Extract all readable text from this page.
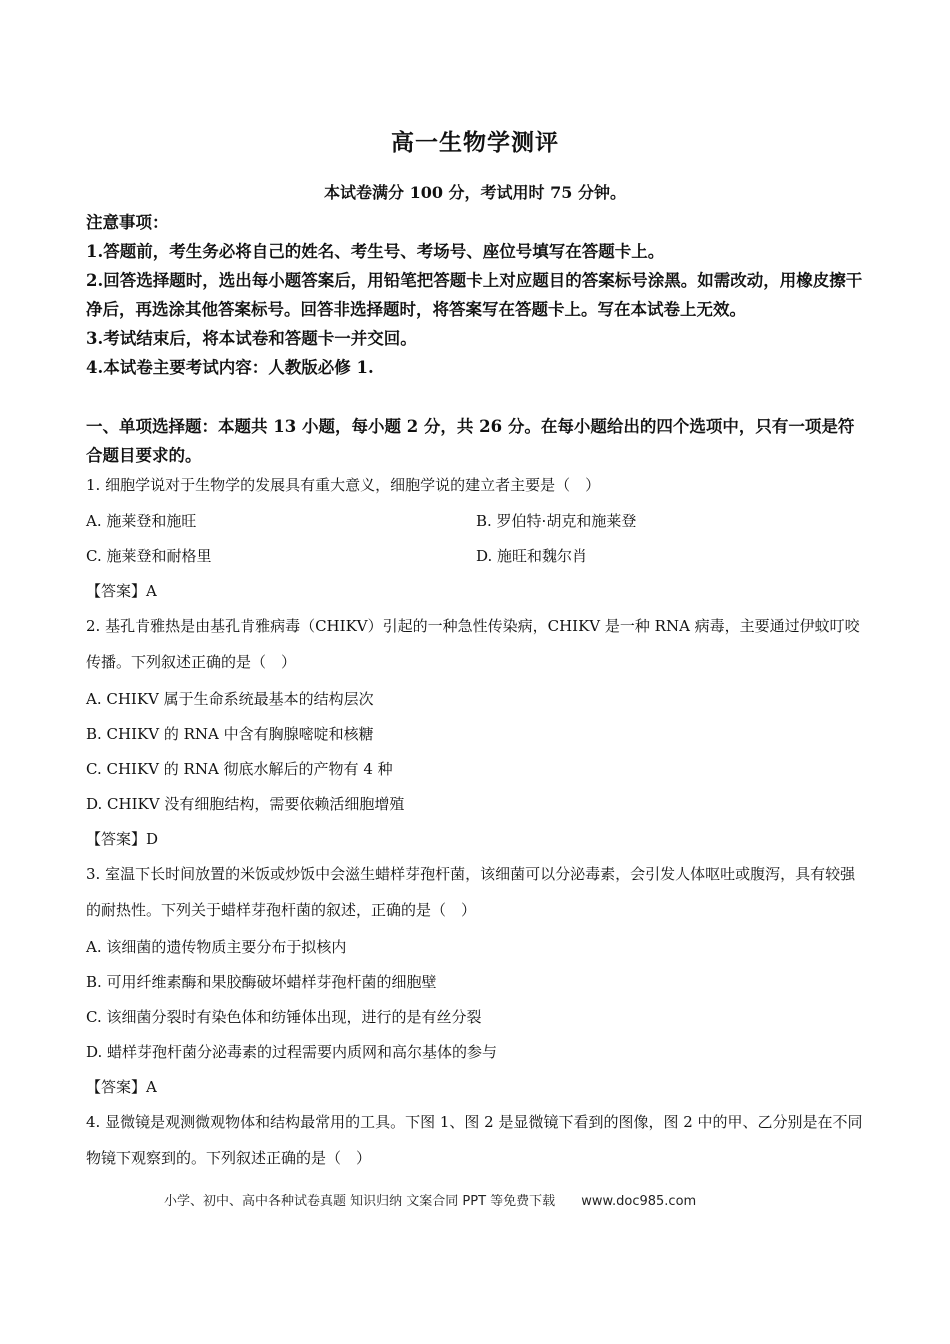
高一生物学测评
本试卷满分 100 分，考试用时 75 分钟。
注意事项：
1.答题前，考生务必将自己的姓名、考生号、考场号、座位号填写在答题卡上。
2.回答选择题时，选出每小题答案后，用铅笔把答题卡上对应题目的答案标号涂黑。如需改动，用橡皮擦干净后，再选涂其他答案标号。回答非选择题时，将答案写在答题卡上。写在本试卷上无效。
3.考试结束后，将本试卷和答题卡一并交回。
4.本试卷主要考试内容：人教版必修 1.
一、单项选择题：本题共 13 小题，每小题 2 分，共 26 分。在每小题给出的四个选项中，只有一项是符合题目要求的。
1. 细胞学说对于生物学的发展具有重大意义，细胞学说的建立者主要是（　）
A. 施莱登和施旺	B. 罗伯特·胡克和施莱登
C. 施莱登和耐格里	D. 施旺和魏尔肖
【答案】A
2. 基孔肯雅热是由基孔肯雅病毒（CHIKV）引起的一种急性传染病，CHIKV 是一种 RNA 病毒，主要通过伊蚊叮咬传播。下列叙述正确的是（　）
A. CHIKV 属于生命系统最基本的结构层次
B. CHIKV 的 RNA 中含有胸腺嘧啶和核糖
C. CHIKV 的 RNA 彻底水解后的产物有 4 种
D. CHIKV 没有细胞结构，需要依赖活细胞增殖
【答案】D
3. 室温下长时间放置的米饭或炒饭中会滋生蜡样芽孢杆菌，该细菌可以分泌毒素，会引发人体呕吐或腹泻，具有较强的耐热性。下列关于蜡样芽孢杆菌的叙述，正确的是（　）
A. 该细菌的遗传物质主要分布于拟核内
B. 可用纤维素酶和果胶酶破坏蜡样芽孢杆菌的细胞壁
C. 该细菌分裂时有染色体和纺锤体出现，进行的是有丝分裂
D. 蜡样芽孢杆菌分泌毒素的过程需要内质网和高尔基体的参与
【答案】A
4. 显微镜是观测微观物体和结构最常用的工具。下图 1、图 2 是显微镜下看到的图像，图 2 中的甲、乙分别是在不同物镜下观察到的。下列叙述正确的是（　）
小学、初中、高中各种试卷真题 知识归纳 文案合同 PPT 等免费下载 www.doc985.com
